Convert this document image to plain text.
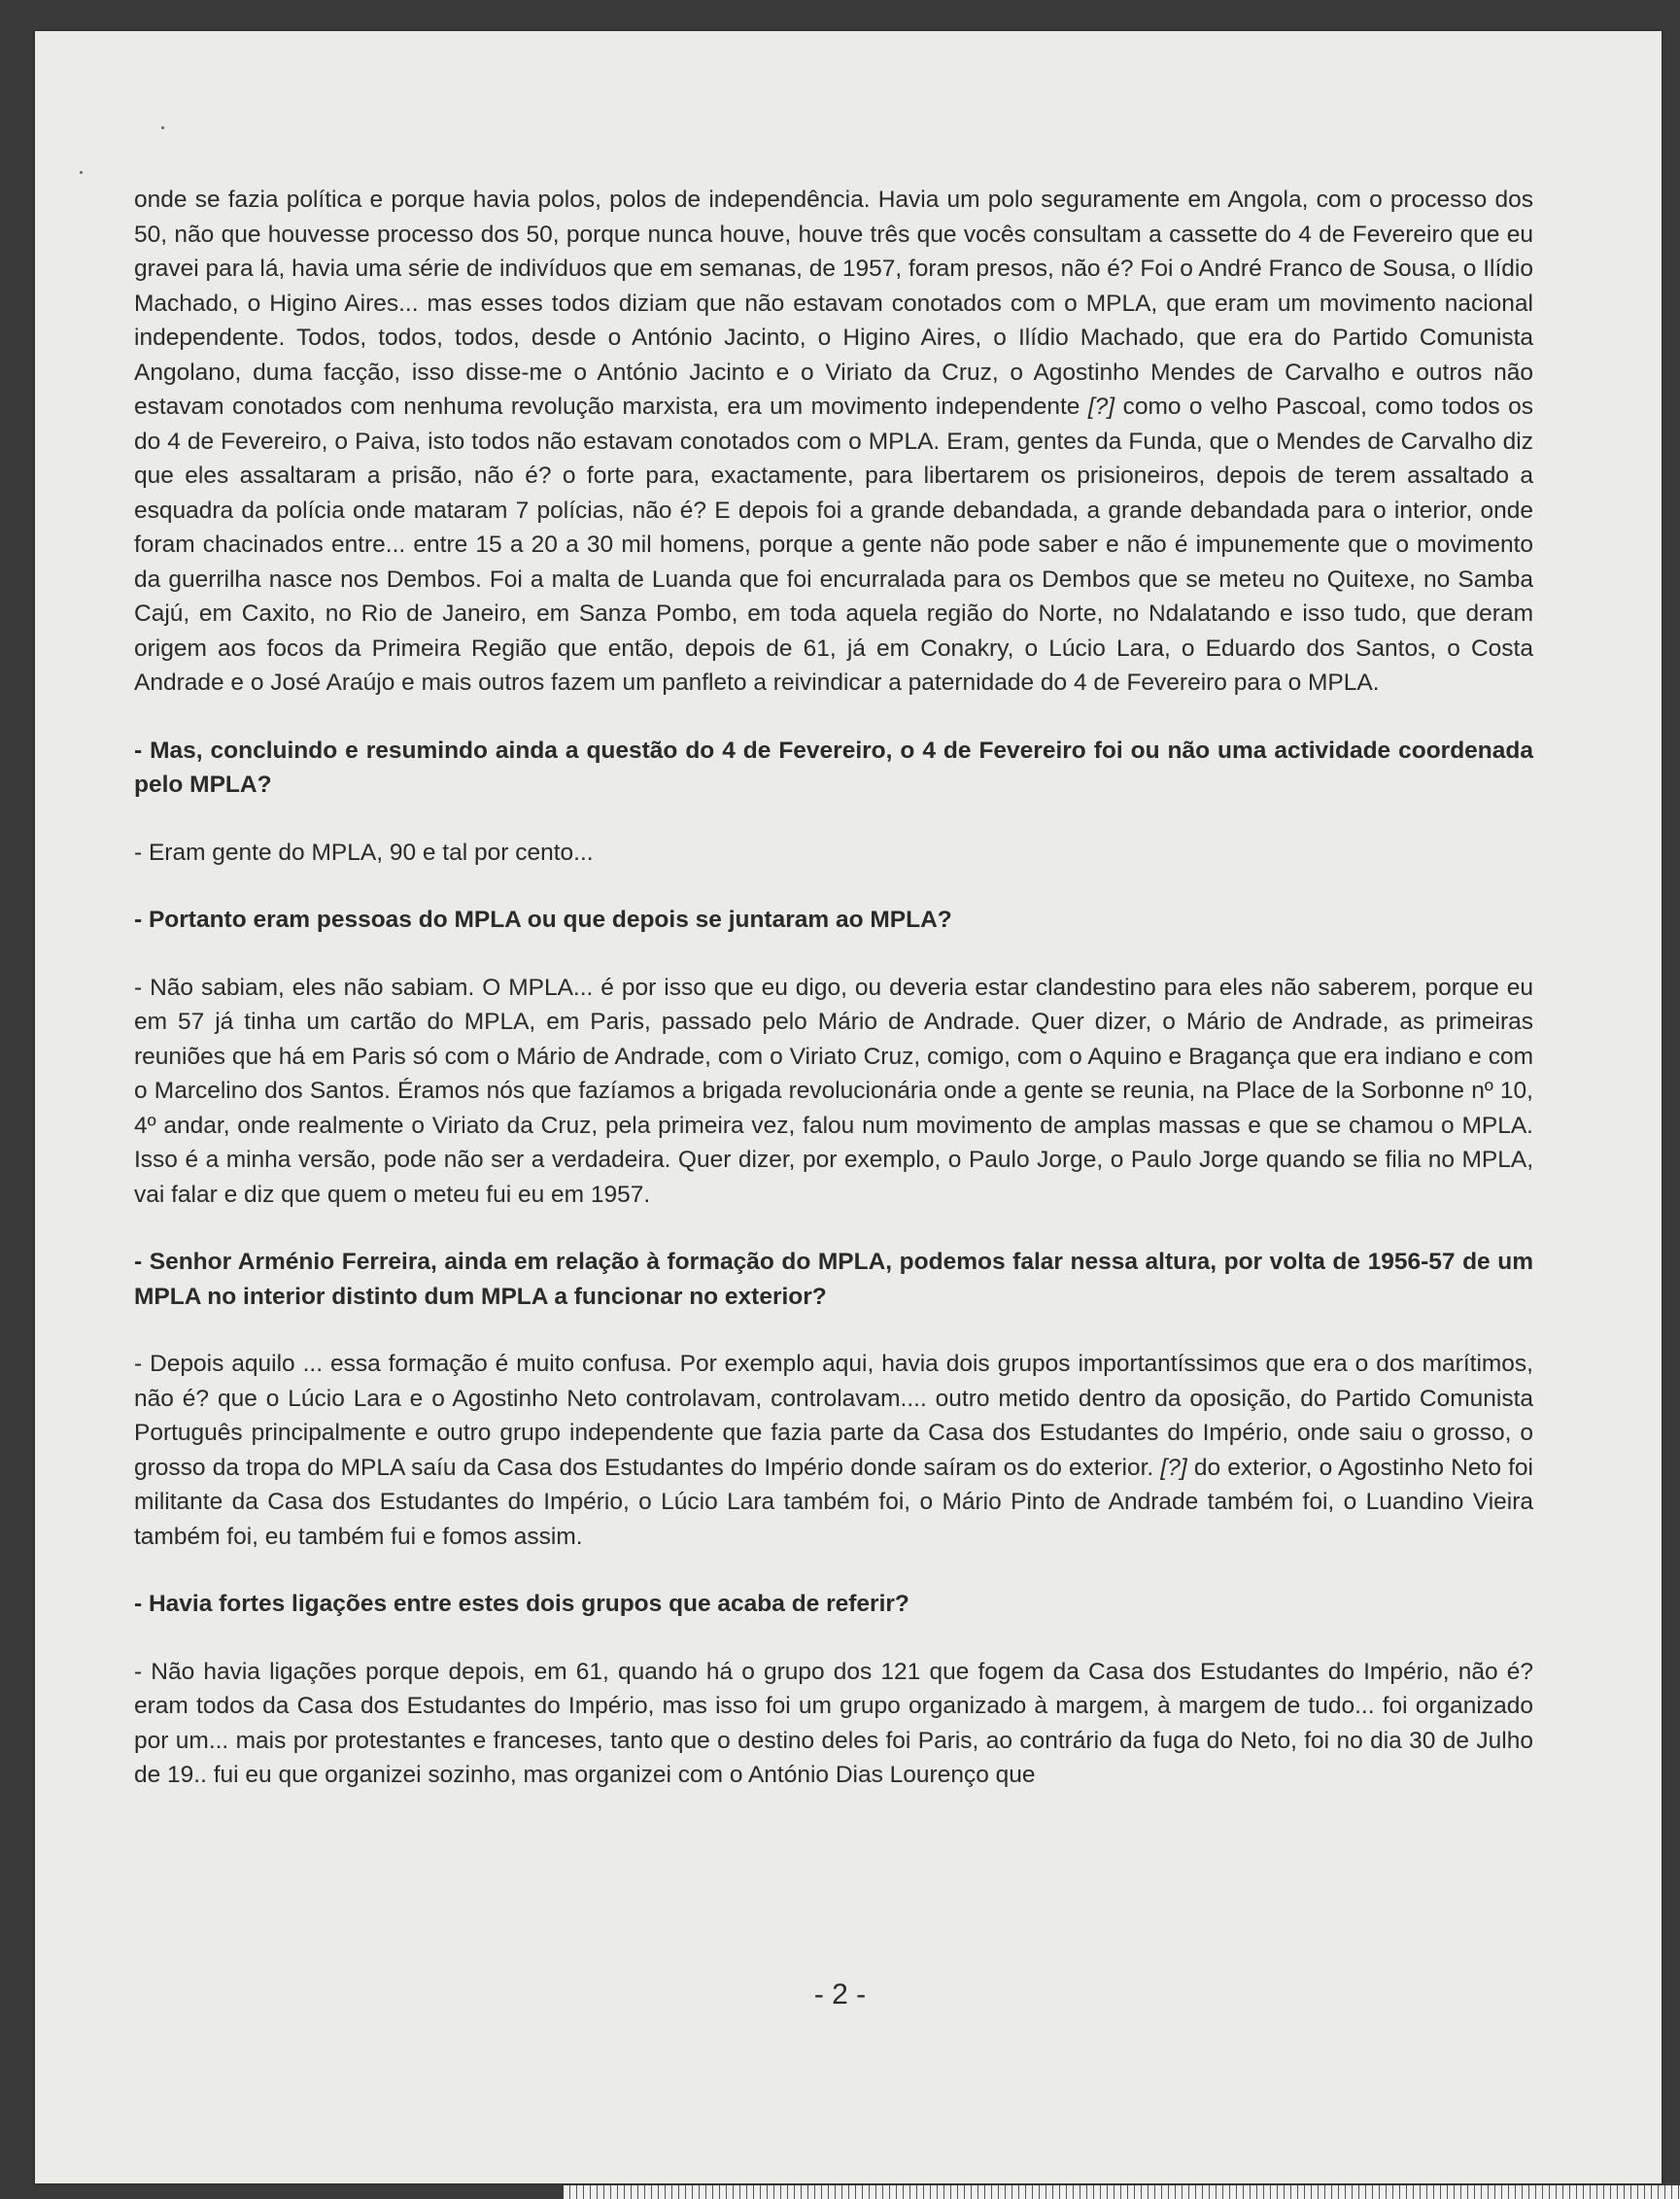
onde se fazia política e porque havia polos, polos de independência. Havia um polo seguramente em Angola, com o processo dos 50, não que houvesse processo dos 50, porque nunca houve, houve três que vocês consultam a cassette do 4 de Fevereiro que eu gravei para lá, havia uma série de indivíduos que em semanas, de 1957, foram presos, não é? Foi o André Franco de Sousa, o Ilídio Machado, o Higino Aires... mas esses todos diziam que não estavam conotados com o MPLA, que eram um movimento nacional independente. Todos, todos, todos, desde o António Jacinto, o Higino Aires, o Ilídio Machado, que era do Partido Comunista Angolano, duma facção, isso disse-me o António Jacinto e o Viriato da Cruz, o Agostinho Mendes de Carvalho e outros não estavam conotados com nenhuma revolução marxista, era um movimento independente [?] como o velho Pascoal, como todos os do 4 de Fevereiro, o Paiva, isto todos não estavam conotados com o MPLA. Eram, gentes da Funda, que o Mendes de Carvalho diz que eles assaltaram a prisão, não é? o forte para, exactamente, para libertarem os prisioneiros, depois de terem assaltado a esquadra da polícia onde mataram 7 polícias, não é? E depois foi a grande debandada, a grande debandada para o interior, onde foram chacinados entre... entre 15 a 20 a 30 mil homens, porque a gente não pode saber e não é impunemente que o movimento da guerrilha nasce nos Dembos. Foi a malta de Luanda que foi encurralada para os Dembos que se meteu no Quitexe, no Samba Cajú, em Caxito, no Rio de Janeiro, em Sanza Pombo, em toda aquela região do Norte, no Ndalatando e isso tudo, que deram origem aos focos da Primeira Região que então, depois de 61, já em Conakry, o Lúcio Lara, o Eduardo dos Santos, o Costa Andrade e o José Araújo e mais outros fazem um panfleto a reivindicar a paternidade do 4 de Fevereiro para o MPLA.

- Mas, concluindo e resumindo ainda a questão do 4 de Fevereiro, o 4 de Fevereiro foi ou não uma actividade coordenada pelo MPLA?

- Eram gente do MPLA, 90 e tal por cento...

- Portanto eram pessoas do MPLA ou que depois se juntaram ao MPLA?

- Não sabiam, eles não sabiam. O MPLA... é por isso que eu digo, ou deveria estar clandestino para eles não saberem, porque eu em 57 já tinha um cartão do MPLA, em Paris, passado pelo Mário de Andrade. Quer dizer, o Mário de Andrade, as primeiras reuniões que há em Paris só com o Mário de Andrade, com o Viriato Cruz, comigo, com o Aquino e Bragança que era indiano e com o Marcelino dos Santos. Éramos nós que fazíamos a brigada revolucionária onde a gente se reunia, na Place de la Sorbonne nº 10, 4º andar, onde realmente o Viriato da Cruz, pela primeira vez, falou num movimento de amplas massas e que se chamou o MPLA. Isso é a minha versão, pode não ser a verdadeira. Quer dizer, por exemplo, o Paulo Jorge, o Paulo Jorge quando se filia no MPLA, vai falar e diz que quem o meteu fui eu em 1957.

- Senhor Arménio Ferreira, ainda em relação à formação do MPLA, podemos falar nessa altura, por volta de 1956-57 de um MPLA no interior distinto dum MPLA a funcionar no exterior?

- Depois aquilo ... essa formação é muito confusa. Por exemplo aqui, havia dois grupos importantíssimos que era o dos marítimos, não é? que o Lúcio Lara e o Agostinho Neto controlavam, controlavam.... outro metido dentro da oposição, do Partido Comunista Português principalmente e outro grupo independente que fazia parte da Casa dos Estudantes do Império, onde saiu o grosso, o grosso da tropa do MPLA saíu da Casa dos Estudantes do Império donde saíram os do exterior. [?] do exterior, o Agostinho Neto foi militante da Casa dos Estudantes do Império, o Lúcio Lara também foi, o Mário Pinto de Andrade também foi, o Luandino Vieira também foi, eu também fui e fomos assim.

- Havia fortes ligações entre estes dois grupos que acaba de referir?

- Não havia ligações porque depois, em 61, quando há o grupo dos 121 que fogem da Casa dos Estudantes do Império, não é? eram todos da Casa dos Estudantes do Império, mas isso foi um grupo organizado à margem, à margem de tudo... foi organizado por um... mais por protestantes e franceses, tanto que o destino deles foi Paris, ao contrário da fuga do Neto, foi no dia 30 de Julho de 19.. fui eu que organizei sozinho, mas organizei com o António Dias Lourenço que

- 2 -
